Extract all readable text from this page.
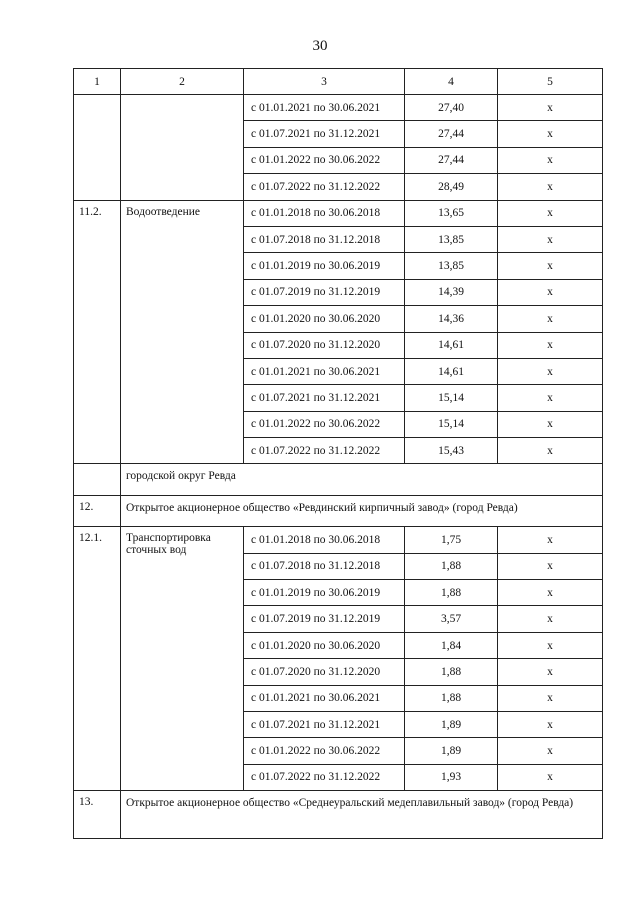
30
1	2	3	4	5
		с 01.01.2021 по 30.06.2021	27,40	х
		с 01.07.2021 по 31.12.2021	27,44	х
		с 01.01.2022 по 30.06.2022	27,44	х
		с 01.07.2022 по 31.12.2022	28,49	х
11.2.	Водоотведение	с 01.01.2018 по 30.06.2018	13,65	х
		с 01.07.2018 по 31.12.2018	13,85	х
		с 01.01.2019 по 30.06.2019	13,85	х
		с 01.07.2019 по 31.12.2019	14,39	х
		с 01.01.2020 по 30.06.2020	14,36	х
		с 01.07.2020 по 31.12.2020	14,61	х
		с 01.01.2021 по 30.06.2021	14,61	х
		с 01.07.2021 по 31.12.2021	15,14	х
		с 01.01.2022 по 30.06.2022	15,14	х
		с 01.07.2022 по 31.12.2022	15,43	х
	городской округ Ревда			
12.	Открытое акционерное общество «Ревдинский кирпичный завод» (город Ревда)			
12.1.	Транспортировка сточных вод	с 01.01.2018 по 30.06.2018	1,75	х
		с 01.07.2018 по 31.12.2018	1,88	х
		с 01.01.2019 по 30.06.2019	1,88	х
		с 01.07.2019 по 31.12.2019	3,57	х
		с 01.01.2020 по 30.06.2020	1,84	х
		с 01.07.2020 по 31.12.2020	1,88	х
		с 01.01.2021 по 30.06.2021	1,88	х
		с 01.07.2021 по 31.12.2021	1,89	х
		с 01.01.2022 по 30.06.2022	1,89	х
		с 01.07.2022 по 31.12.2022	1,93	х
13.	Открытое акционерное общество «Среднеуральский медеплавильный завод» (город Ревда)			
